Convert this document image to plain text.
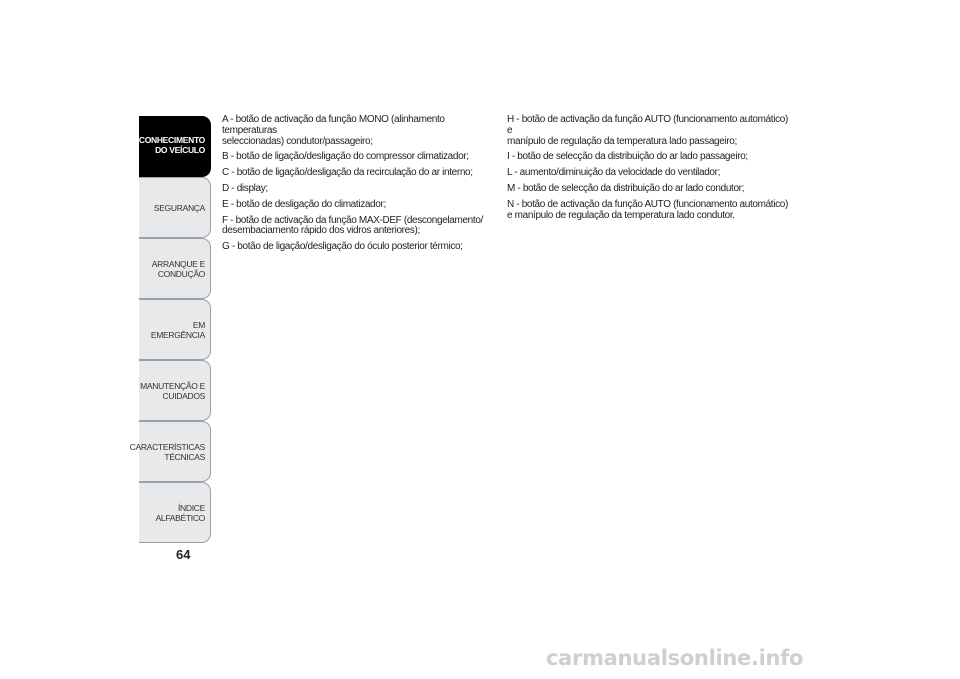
CONHECIMENTO
DO VEÍCULO
SEGURANÇA
ARRANQUE E
CONDUÇÃO
EM EMERGÊNCIA
MANUTENÇÃO E
CUIDADOS
CARACTERÍSTICAS
TÉCNICAS
ÍNDICE ALFABÉTICO
64

A - botão de activação da função MONO (alinhamento temperaturas
seleccionadas) condutor/passageiro;

B - botão de ligação/desligação do compressor climatizador;

C - botão de ligação/desligação da recirculação do ar interno;

D - display;

E - botão de desligação do climatizador;

F - botão de activação da função MAX-DEF (descongelamento/
desembaciamento rápido dos vidros anteriores);

G - botão de ligação/desligação do óculo posterior térmico;

H - botão de activação da função AUTO (funcionamento automático) e
manípulo de regulação da temperatura lado passageiro;

I - botão de selecção da distribuição do ar lado passageiro;

L - aumento/diminuição da velocidade do ventilador;

M - botão de selecção da distribuição do ar lado condutor;

N - botão de activação da função AUTO (funcionamento automático)
e manípulo de regulação da temperatura lado condutor.

carmanualsonline.info
